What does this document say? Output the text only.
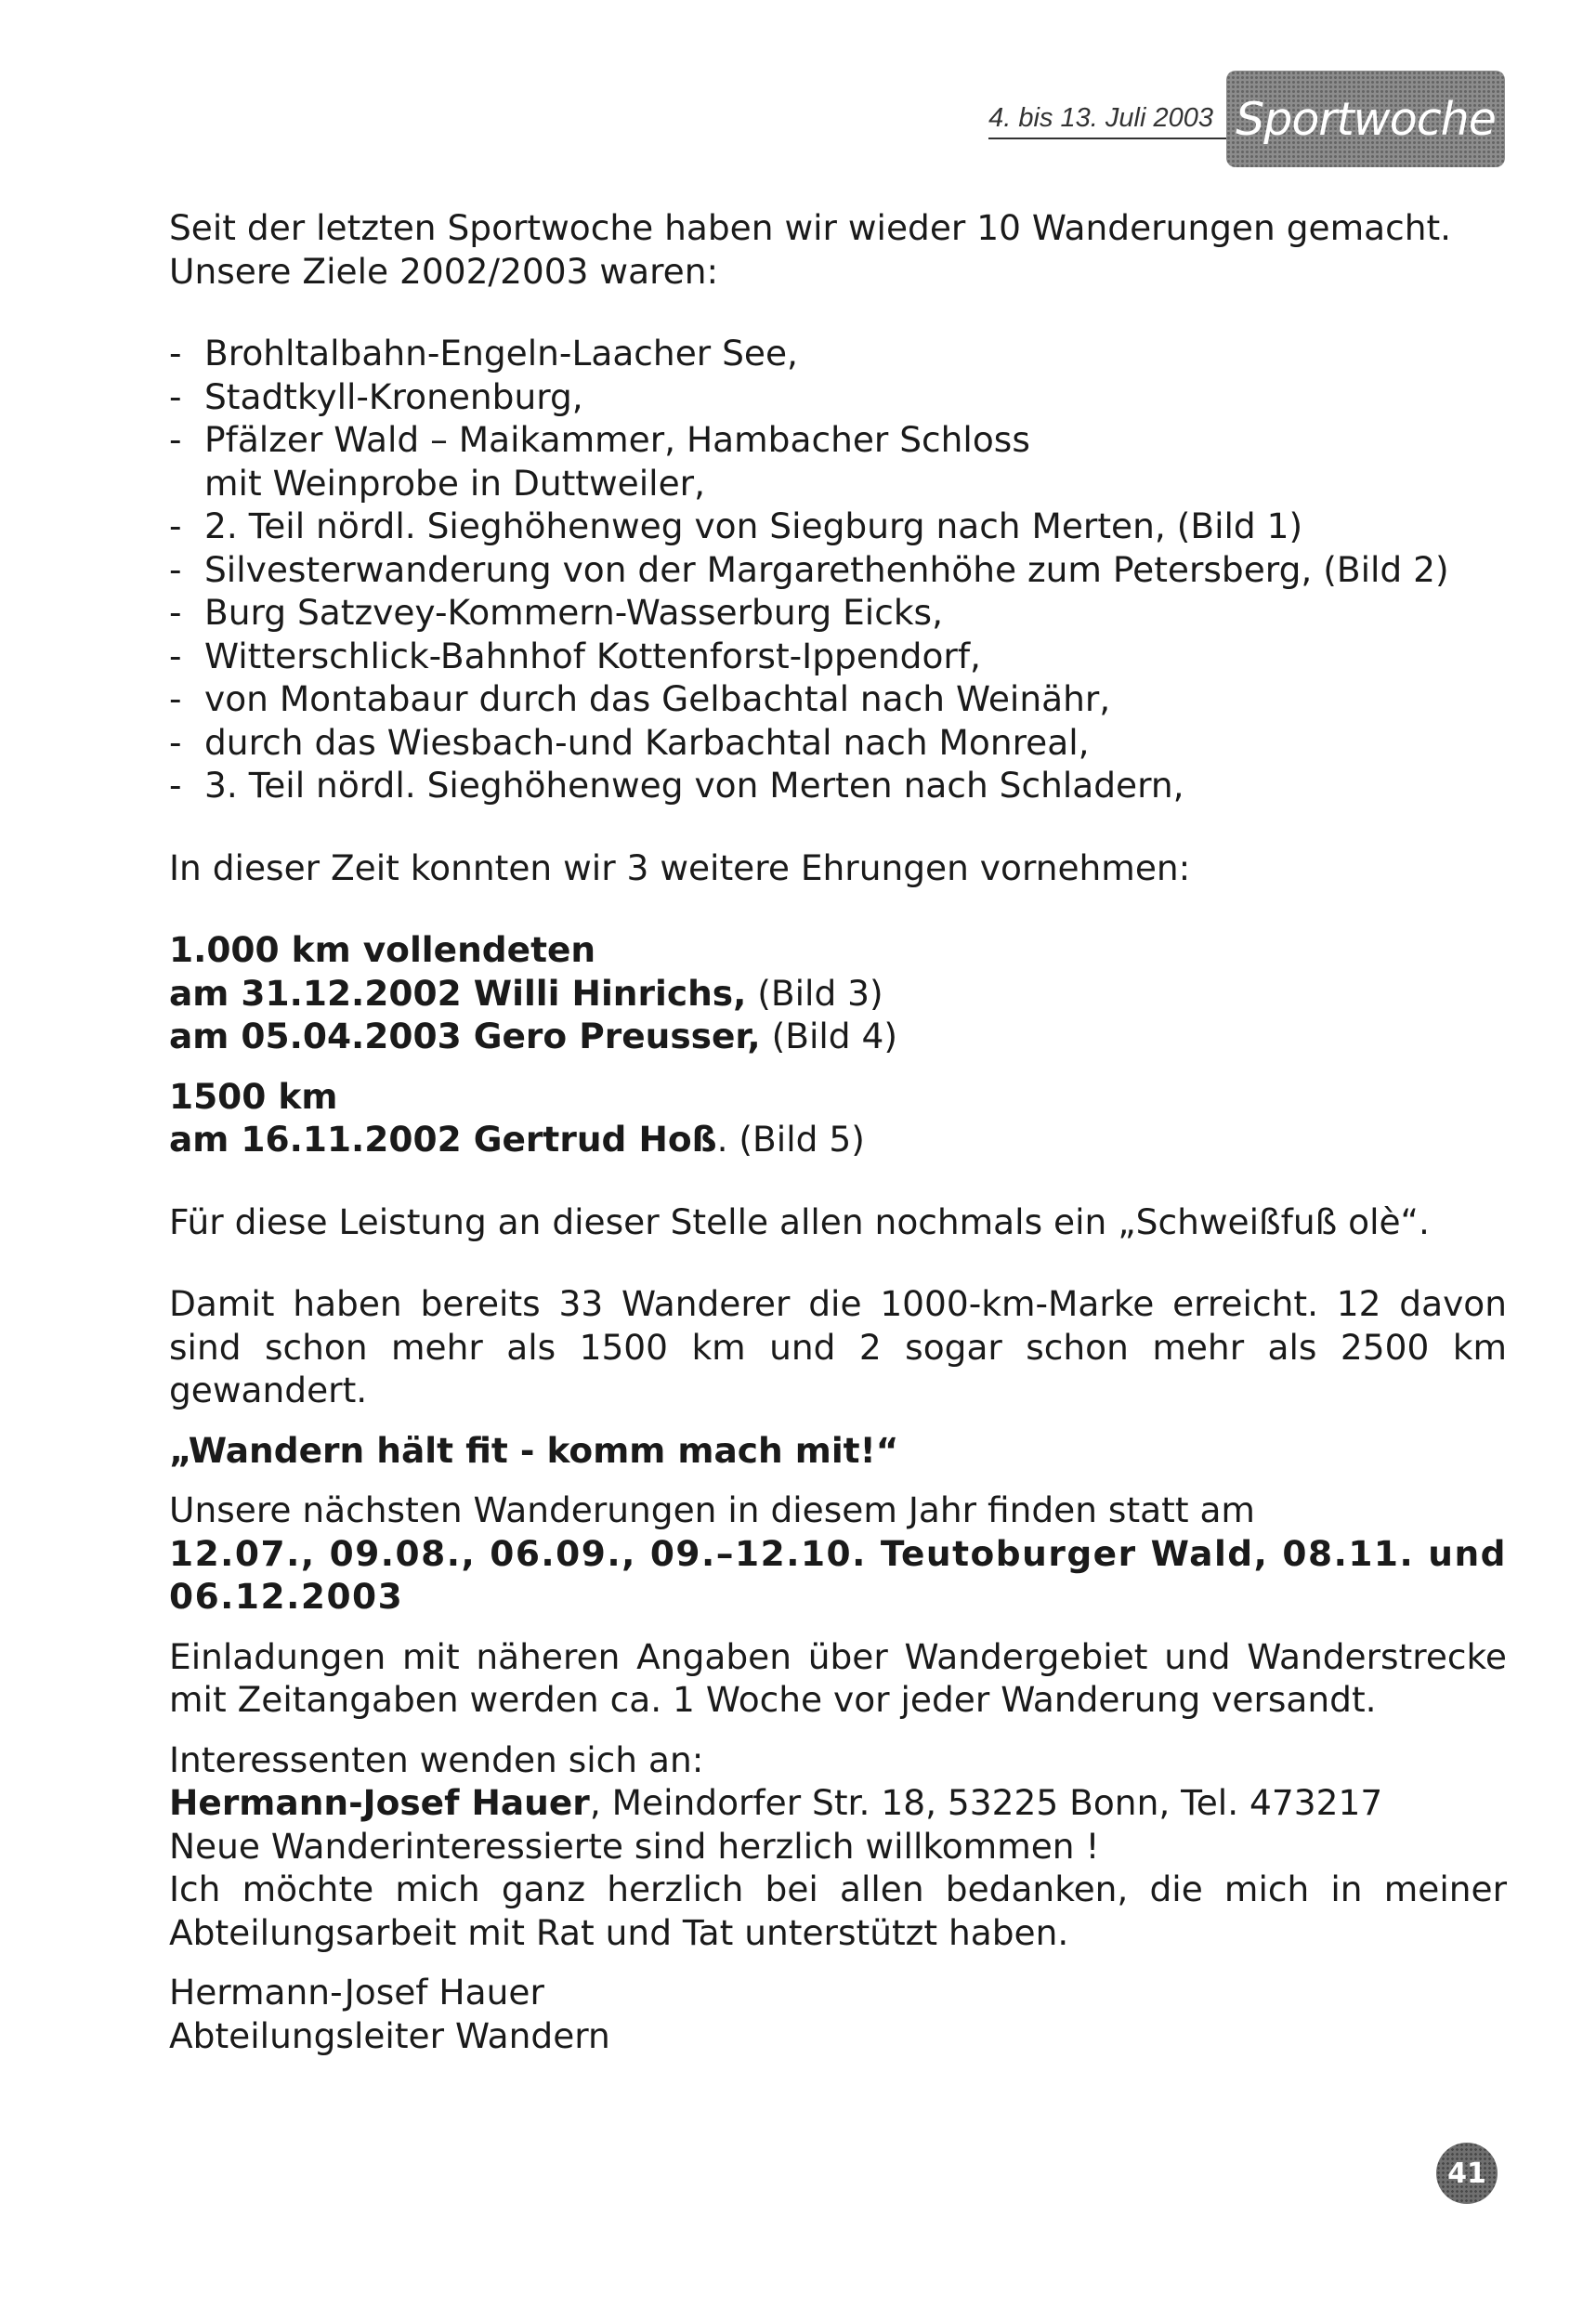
4. bis 13. Juli 2003 Sportwoche

Seit der letzten Sportwoche haben wir wieder 10 Wanderungen gemacht.

Unsere Ziele 2002/2003 waren:

- Brohltalbahn-Engeln-Laacher See,
- Stadtkyll-Kronenburg,
- Pfälzer Wald – Maikammer, Hambacher Schloss
mit Weinprobe in Duttweiler,
- 2. Teil nördl. Sieghöhenweg von Siegburg nach Merten, (Bild 1)
- Silvesterwanderung von der Margarethenhöhe zum Petersberg, (Bild 2)
- Burg Satzvey-Kommern-Wasserburg Eicks,
- Witterschlick-Bahnhof Kottenforst-Ippendorf,
- von Montabaur durch das Gelbachtal nach Weinähr,
- durch das Wiesbach-und Karbachtal nach Monreal,
- 3. Teil nördl. Sieghöhenweg von Merten nach Schladern,

In dieser Zeit konnten wir 3 weitere Ehrungen vornehmen:

1.000 km vollendeten

am 31.12.2002 Willi Hinrichs, (Bild 3)

am 05.04.2003 Gero Preusser, (Bild 4)

1500 km

am 16.11.2002 Gertrud Hoß. (Bild 5)

Für diese Leistung an dieser Stelle allen nochmals ein „Schweißfuß olè“.

Damit haben bereits 33 Wanderer die 1000-km-Marke erreicht. 12 davon sind schon mehr als 1500 km und 2 sogar schon mehr als 2500 km gewandert.

„Wandern hält fit - komm mach mit!“

Unsere nächsten Wanderungen in diesem Jahr finden statt am

12.07., 09.08., 06.09., 09.–12.10. Teutoburger Wald, 08.11. und 06.12.2003

Einladungen mit näheren Angaben über Wandergebiet und Wanderstrecke mit Zeitangaben werden ca. 1 Woche vor jeder Wanderung versandt.

Interessenten wenden sich an:

Hermann-Josef Hauer, Meindorfer Str. 18, 53225 Bonn, Tel. 473217

Neue Wanderinteressierte sind herzlich willkommen !

Ich möchte mich ganz herzlich bei allen bedanken, die mich in meiner Abteilungsarbeit mit Rat und Tat unterstützt haben.

Hermann-Josef Hauer

Abteilungsleiter Wandern

41
